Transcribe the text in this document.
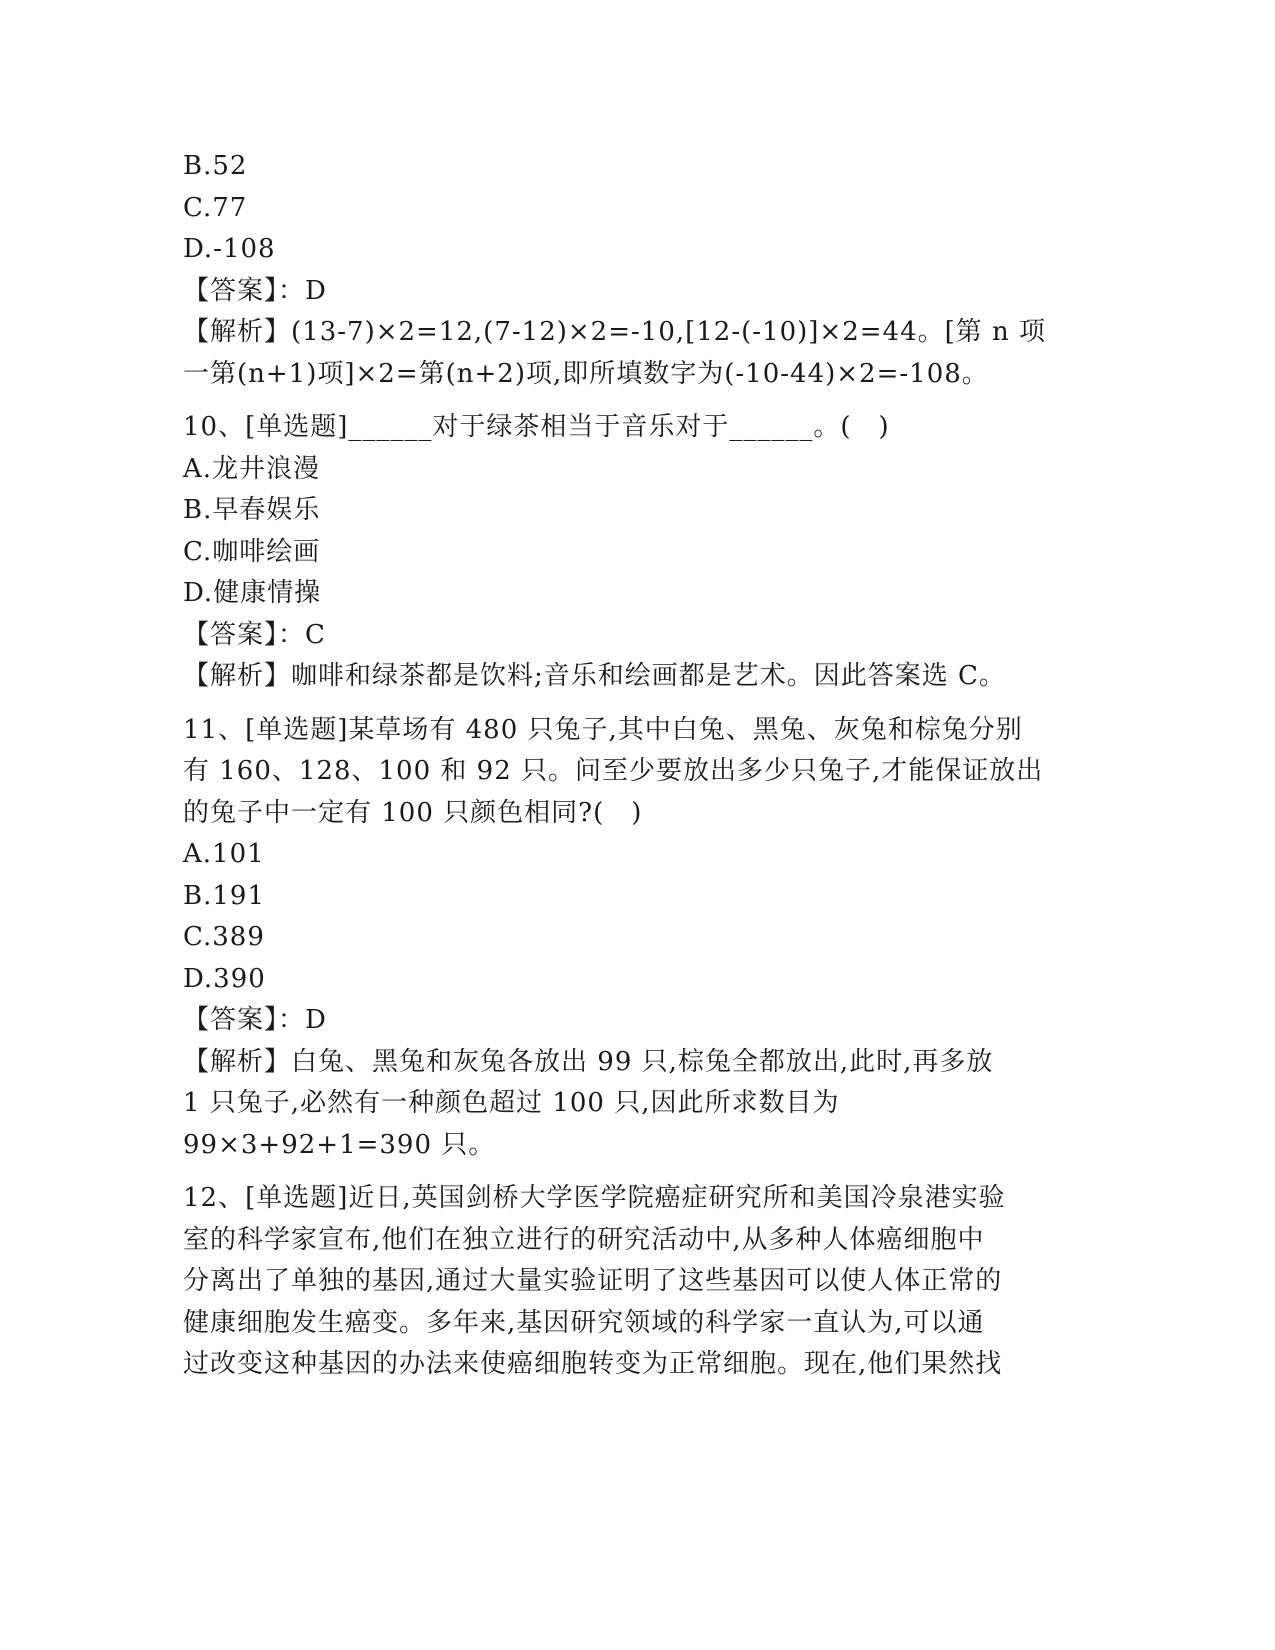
B.52
C.77
D.-108
【答案】：D
【解析】(13-7)×2=12,(7-12)×2=-10,[12-(-10)]×2=44。[第 n 项
一第(n+1)项]×2=第(n+2)项,即所填数字为(-10-44)×2=-108。
10、[单选题]______对于绿茶相当于音乐对于______。(　)
A.龙井浪漫
B.早春娱乐
C.咖啡绘画
D.健康情操
【答案】：C
【解析】咖啡和绿茶都是饮料;音乐和绘画都是艺术。因此答案选 C。
11、[单选题]某草场有 480 只兔子,其中白兔、黑兔、灰兔和棕兔分别
有 160、128、100 和 92 只。问至少要放出多少只兔子,才能保证放出
的兔子中一定有 100 只颜色相同?(　)
A.101
B.191
C.389
D.390
【答案】：D
【解析】白兔、黑兔和灰兔各放出 99 只,棕兔全都放出,此时,再多放
1 只兔子,必然有一种颜色超过 100 只,因此所求数目为
99×3+92+1=390 只。
12、[单选题]近日,英国剑桥大学医学院癌症研究所和美国冷泉港实验
室的科学家宣布,他们在独立进行的研究活动中,从多种人体癌细胞中
分离出了单独的基因,通过大量实验证明了这些基因可以使人体正常的
健康细胞发生癌变。多年来,基因研究领域的科学家一直认为,可以通
过改变这种基因的办法来使癌细胞转变为正常细胞。现在,他们果然找
